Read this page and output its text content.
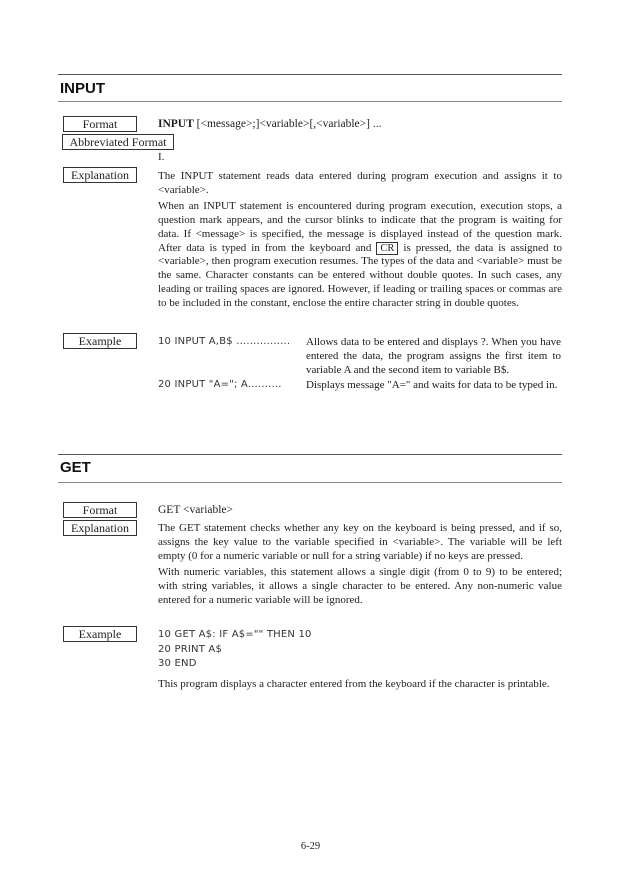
INPUT
Format	INPUT [<message>;]<variable>[,<variable>] ...
Abbreviated Format
I.
Explanation	The INPUT statement reads data entered during program execution and assigns it to <variable>.

When an INPUT statement is encountered during program execution, execution stops, a question mark appears, and the cursor blinks to indicate that the program is waiting for data. If <message> is specified, the message is displayed instead of the question mark. After data is typed in from the keyboard and CR is pressed, the data is assigned to <variable>, then program execution resumes. The types of the data and <variable> must be the same. Character constants can be entered without double quotes. In such cases, any leading or trailing spaces are ignored. However, if leading or trailing spaces or commas are to be included in the constant, enclose the entire character string in double quotes.

Example	10 INPUT A,B$ ................ Allows data to be entered and displays ?. When you have entered the data, the program assigns the first item to variable A and the second item to variable B$.
20 INPUT "A="; A.......... Displays message "A=" and waits for data to be typed in.
GET
Format	GET <variable>
Explanation	The GET statement checks whether any key on the keyboard is being pressed, and if so, assigns the key value to the variable specified in <variable>. The variable will be left empty (0 for a numeric variable or null for a string variable) if no keys are pressed.

With numeric variables, this statement allows a single digit (from 0 to 9) to be entered; with string variables, it allows a single character to be entered. Any non-numeric value entered for a numeric variable will be ignored.

Example	10 GET A$: IF A$="" THEN 10
20 PRINT A$
30 END

This program displays a character entered from the keyboard if the character is printable.

6-29
